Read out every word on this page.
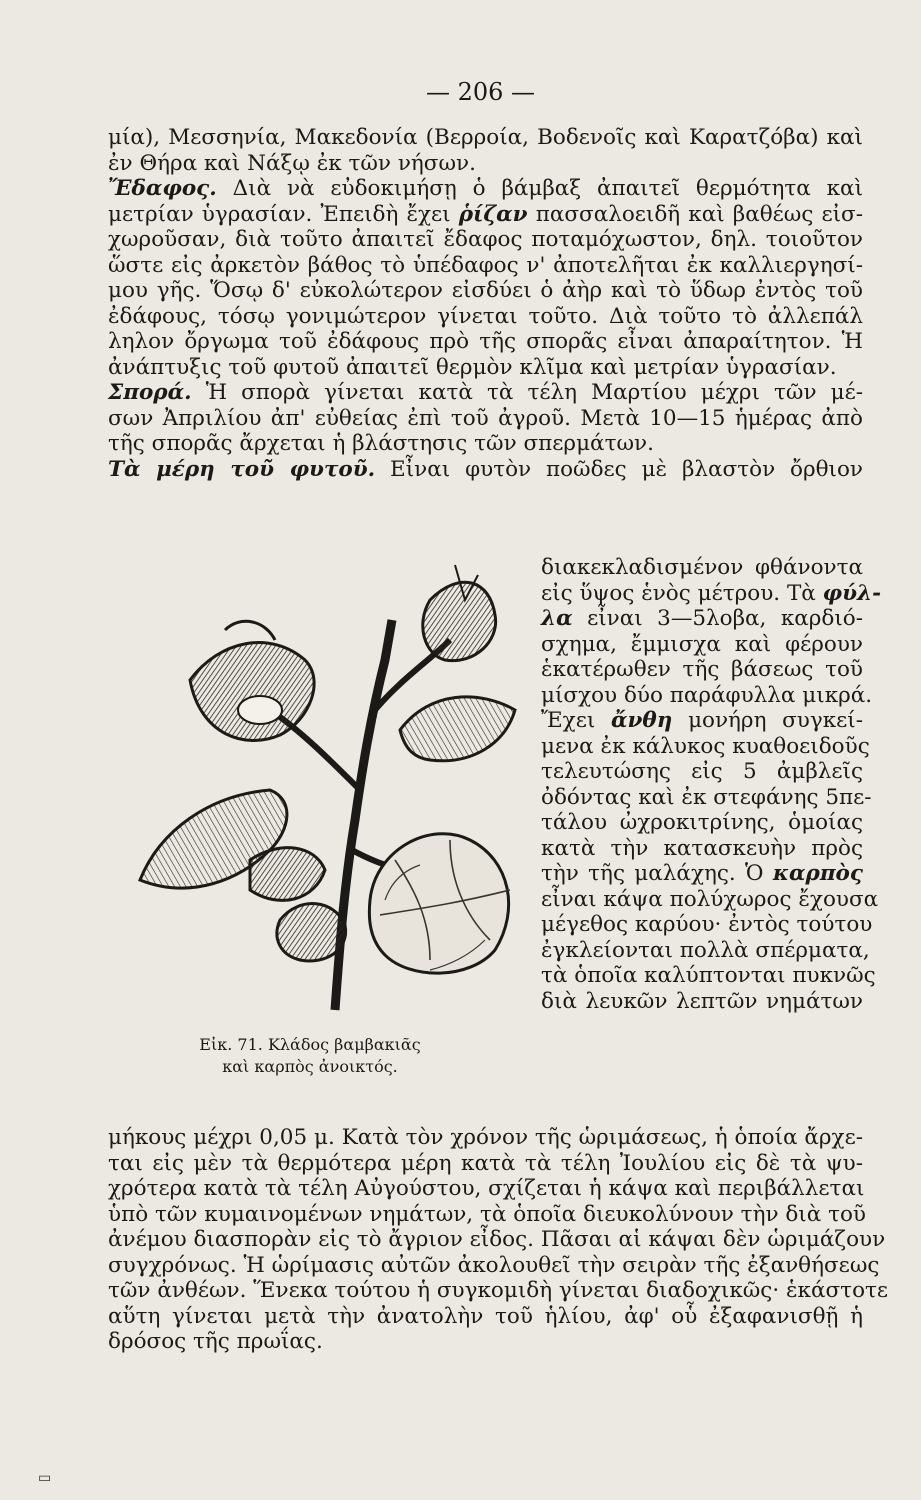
— 206 —
μία), Μεσσηνία, Μακεδονία (Βερροία, Βοδενοῖς καὶ Καρατζόβα) καὶ
ἐν Θήρα καὶ Νάξῳ ἐκ τῶν νήσων.
Ἔδαφος. Διὰ νὰ εὐδοκιμήσῃ ὁ βάμβαξ ἀπαιτεῖ θερμότητα καὶ
μετρίαν ὑγρασίαν. Ἐπειδὴ ἔχει ῥίζαν πασσαλοειδῆ καὶ βαθέως εἰσ-
χωροῦσαν, διὰ τοῦτο ἀπαιτεῖ ἔδαφος ποταμόχωστον, δηλ. τοιοῦτον
ὥστε εἰς ἀρκετὸν βάθος τὸ ὑπέδαφος ν' ἀποτελῆται ἐκ καλλιεργησί-
μου γῆς. Ὅσῳ δ' εὐκολώτερον εἰσδύει ὁ ἀὴρ καὶ τὸ ὕδωρ ἐντὸς τοῦ
ἐδάφους, τόσῳ γονιμώτερον γίνεται τοῦτο. Διὰ τοῦτο τὸ ἀλλεπάλ
ληλον ὄργωμα τοῦ ἐδάφους πρὸ τῆς σπορᾶς εἶναι ἀπαραίτητον. Ἡ
ἀνάπτυξις τοῦ φυτοῦ ἀπαιτεῖ θερμὸν κλῖμα καὶ μετρίαν ὑγρασίαν.
Σπορά. Ἡ σπορὰ γίνεται κατὰ τὰ τέλη Μαρτίου μέχρι τῶν μέ-
σων Ἀπριλίου ἀπ' εὐθείας ἐπὶ τοῦ ἀγροῦ. Μετὰ 10—15 ἡμέρας ἀπὸ
τῆς σπορᾶς ἄρχεται ἡ βλάστησις τῶν σπερμάτων.
Τὰ μέρη τοῦ φυτοῦ. Εἶναι φυτὸν ποῶδες μὲ βλαστὸν ὄρθιον
Εἰκ. 71. Κλάδος βαμβακιᾶς
καὶ καρπὸς ἀνοικτός.
διακεκλαδισμένον φθάνοντα
εἰς ὕψος ἑνὸς μέτρου. Τὰ φύλ-
λα εἶναι 3—5λοβα, καρδιό-
σχημα, ἔμμισχα καὶ φέρουν
ἑκατέρωθεν τῆς βάσεως τοῦ
μίσχου δύο παράφυλλα μικρά.
Ἔχει ἄνθη μονήρη συγκεί-
μενα ἐκ κάλυκος κυαθοειδοῦς
τελευτώσης εἰς 5 ἀμβλεῖς
ὀδόντας καὶ ἐκ στεφάνης 5πε-
τάλου ὠχροκιτρίνης, ὁμοίας
κατὰ τὴν κατασκευὴν πρὸς
τὴν τῆς μαλάχης. Ὁ καρπὸς
εἶναι κάψα πολύχωρος ἔχουσα
μέγεθος καρύου· ἐντὸς τούτου
ἐγκλείονται πολλὰ σπέρματα,
τὰ ὁποῖα καλύπτονται πυκνῶς
διὰ λευκῶν λεπτῶν νημάτων
μήκους μέχρι 0,05 μ. Κατὰ τὸν χρόνον τῆς ὡριμάσεως, ἡ ὁποία ἄρχε-
ται εἰς μὲν τὰ θερμότερα μέρη κατὰ τὰ τέλη Ἰουλίου εἰς δὲ τὰ ψυ-
χρότερα κατὰ τὰ τέλη Αὐγούστου, σχίζεται ἡ κάψα καὶ περιβάλλεται
ὑπὸ τῶν κυμαινομένων νημάτων, τὰ ὁποῖα διευκολύνουν τὴν διὰ τοῦ
ἀνέμου διασπορὰν εἰς τὸ ἄγριον εἶδος. Πᾶσαι αἱ κάψαι δὲν ὡριμάζουν
συγχρόνως. Ἡ ὡρίμασις αὐτῶν ἀκολουθεῖ τὴν σειρὰν τῆς ἐξανθήσεως
τῶν ἀνθέων. Ἕνεκα τούτου ἡ συγκομιδὴ γίνεται διαδοχικῶς· ἑκάστοτε
αὕτη γίνεται μετὰ τὴν ἀνατολὴν τοῦ ἡλίου, ἀφ' οὗ ἐξαφανισθῇ ἡ
δρόσος τῆς πρωΐας.
▭
